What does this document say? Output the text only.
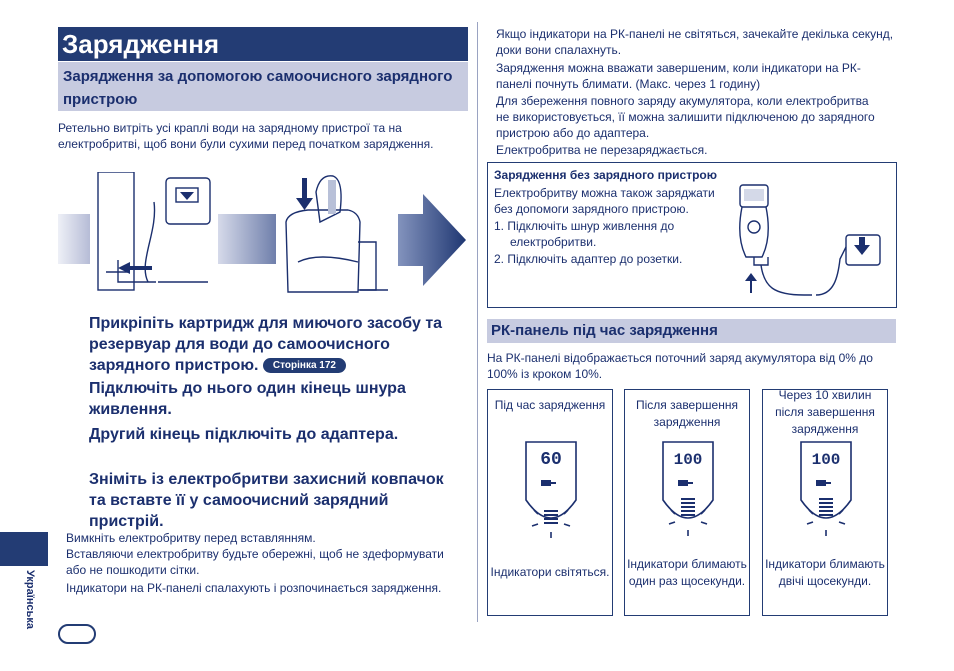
Зарядження
Зарядження за допомогою самоочисного зарядного пристрою
Ретельно витріть усі краплі води на зарядному пристрої та на електробритві, щоб вони були сухими перед початком зарядження.
Прикріпіть картридж для миючого засобу та резервуар для води до самоочисного зарядного пристрою. Сторінка 172
Підключіть до нього один кінець шнура живлення.
Другий кінець підключіть до адаптера.
Зніміть із електробритви захисний ковпачок та вставте її у самоочисний зарядний пристрій.
Вимкніть електробритву перед вставлянням.
Вставляючи електробритву будьте обережні, щоб не здеформувати або не пошкодити сітки.
Індикатори на РК-панелі спалахують і розпочинається зарядження.
Українська
Якщо індикатори на РК-панелі не світяться, зачекайте декілька секунд, доки вони спалахнуть.
Зарядження можна вважати завершеним, коли індикатори на РК-панелі почнуть блимати. (Макс. через 1 годину)
Для збереження повного заряду акумулятора, коли електробритва не використовується, її можна залишити підключеною до зарядного пристрою або до адаптера.
Електробритва не перезаряджається.
Зарядження без зарядного пристрою
Електробритву можна також заряджати без допомоги зарядного пристрою.
1. Підключіть шнур живлення до електробритви.
2. Підключіть адаптер до розетки.
РК-панель під час зарядження
На РК-панелі відображається поточний заряд акумулятора від 0% до 100% із кроком 10%.
Під час зарядження
60
Індикатори світяться.
Після завершення зарядження
100
Індикатори блимають один раз щосекунди.
Через 10 хвилин після завершення зарядження
100
Індикатори блимають двічі щосекунди.
